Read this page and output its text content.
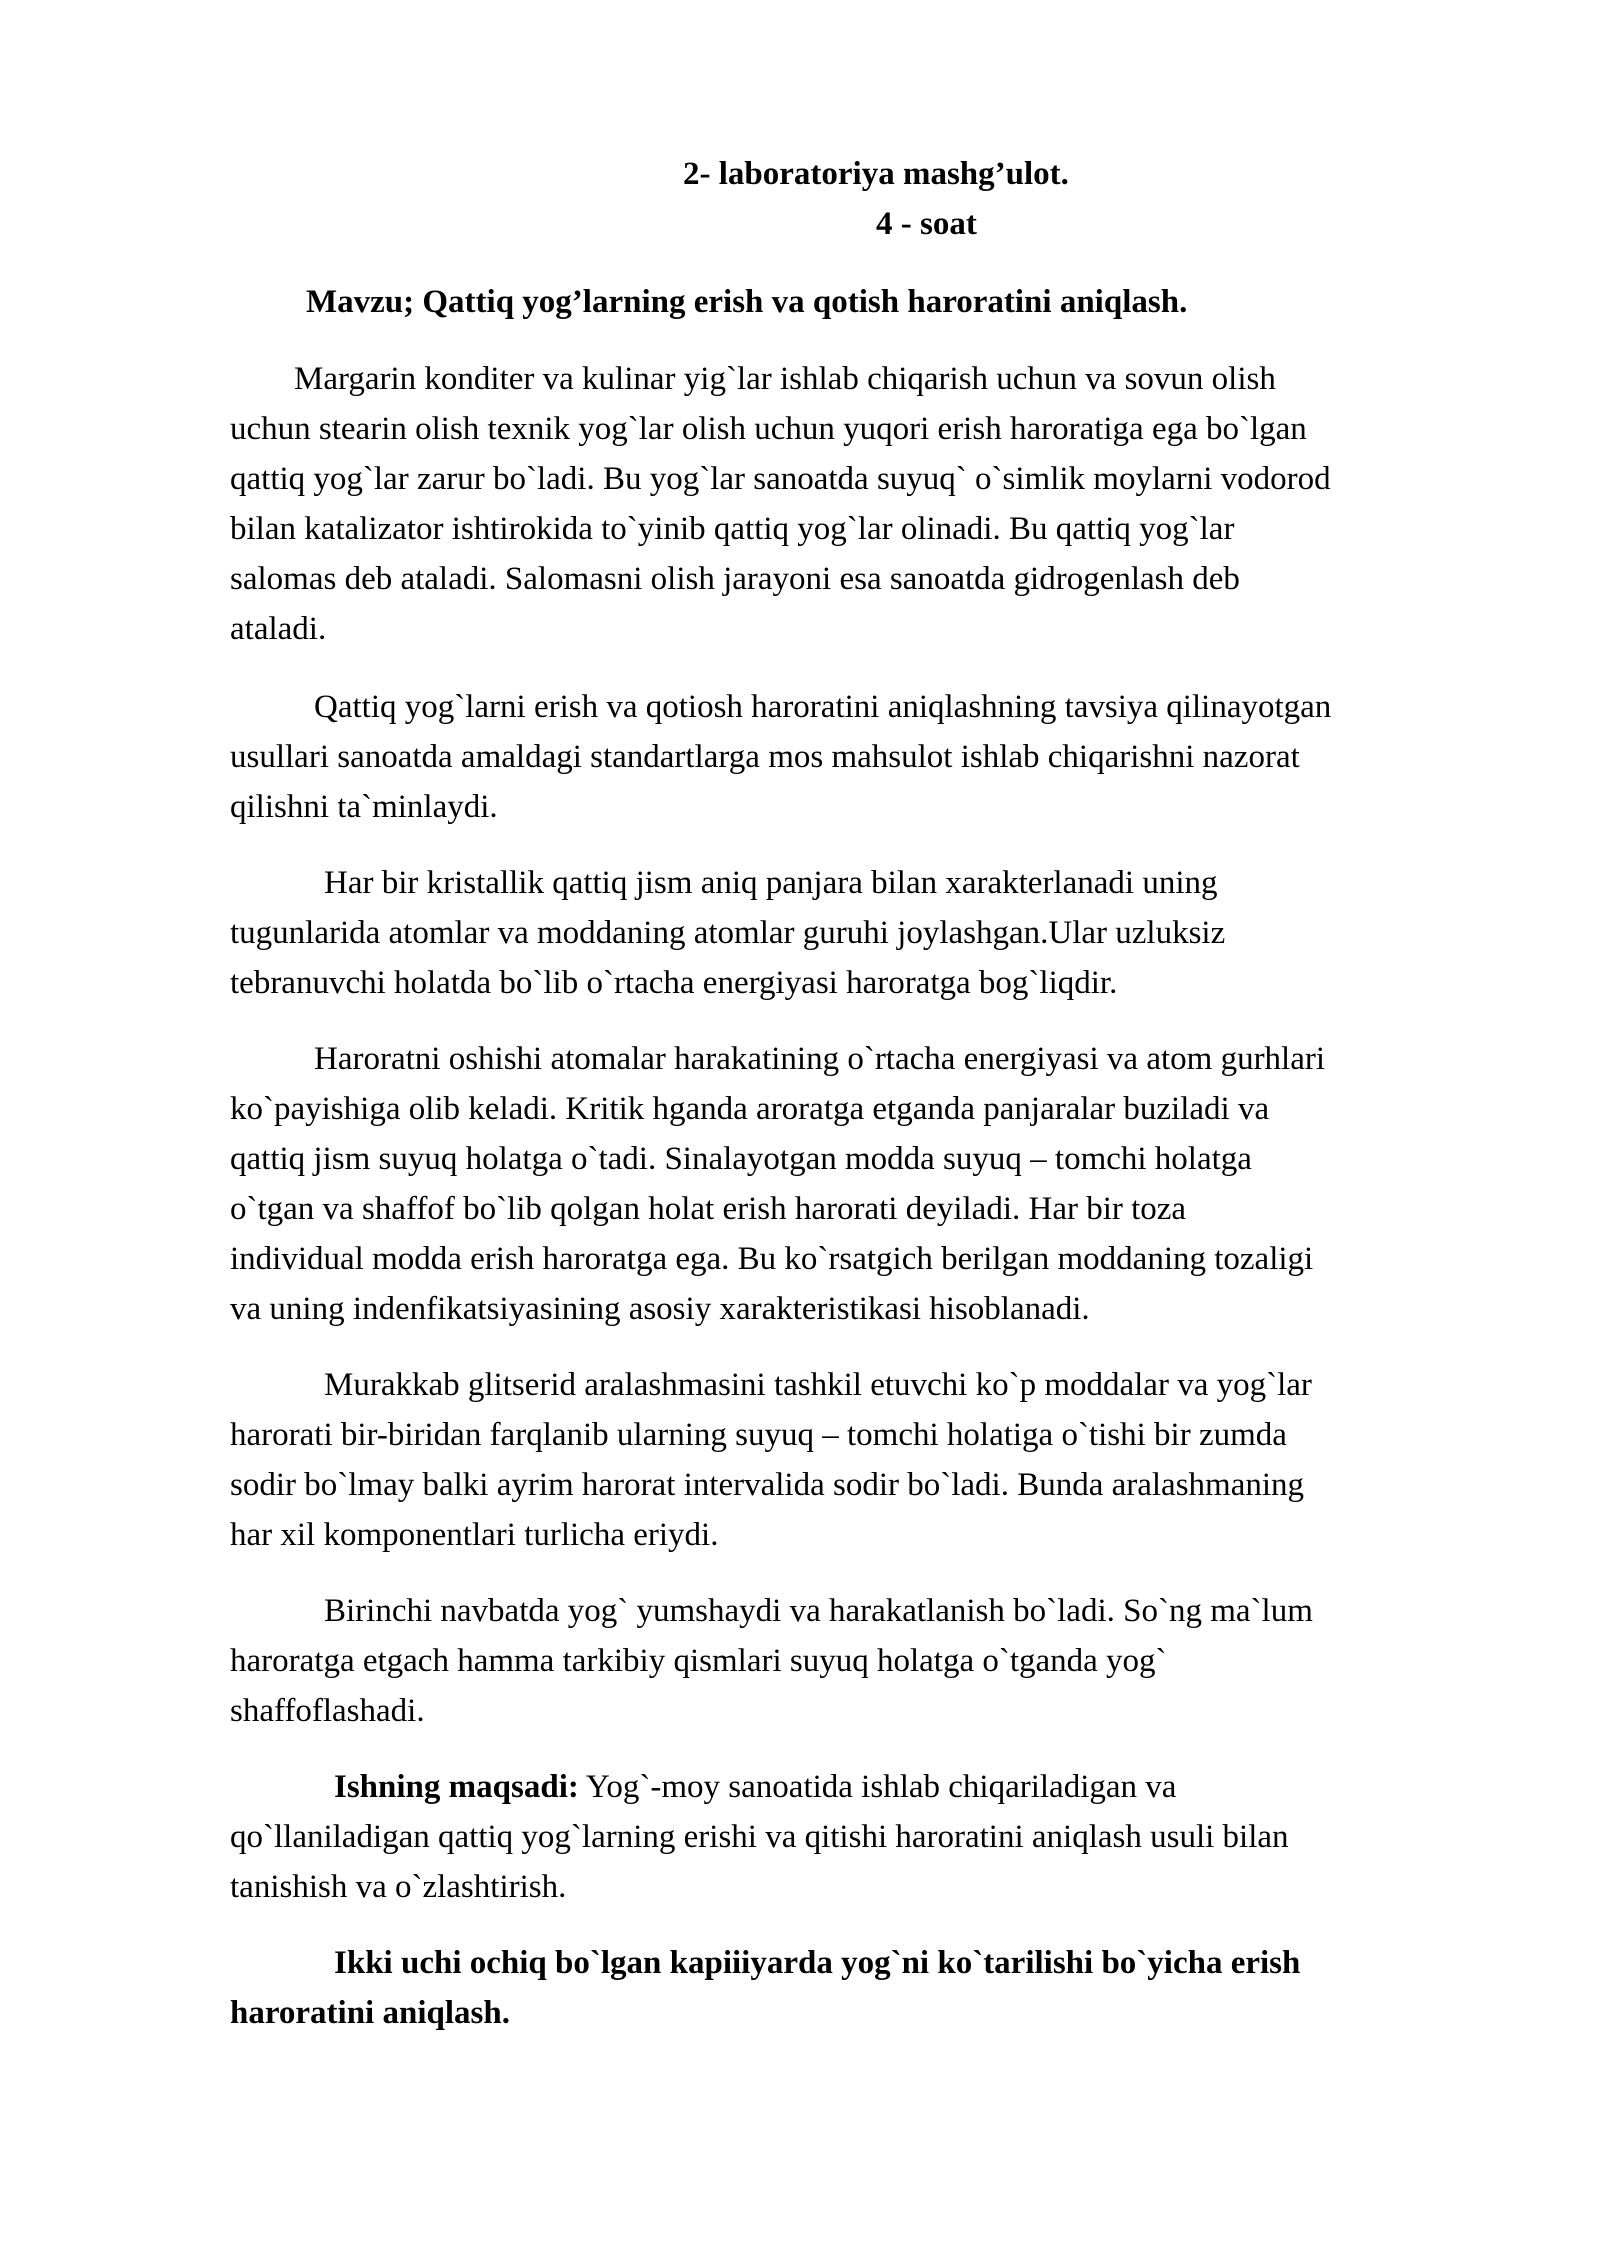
2- laboratoriya mashg’ulot.
4 - soat
Mavzu; Qattiq yog’larning erish va qotish haroratini aniqlash.

Margarin konditer va kulinar yig`lar ishlab chiqarish uchun va sovun olish
uchun stearin olish texnik yog`lar olish uchun yuqori erish haroratiga ega bo`lgan
qattiq yog`lar zarur bo`ladi. Bu yog`lar sanoatda suyuq` o`simlik moylarni vodorod
bilan katalizator ishtirokida to`yinib qattiq yog`lar olinadi. Bu qattiq yog`lar
salomas deb ataladi. Salomasni olish jarayoni esa sanoatda gidrogenlash deb
ataladi.

Qattiq yog`larni erish va qotiosh haroratini aniqlashning tavsiya qilinayotgan
usullari sanoatda amaldagi standartlarga mos mahsulot ishlab chiqarishni nazorat
qilishni ta`minlaydi.

Har bir kristallik qattiq jism aniq panjara bilan xarakterlanadi uning
tugunlarida atomlar va moddaning atomlar guruhi joylashgan.Ular uzluksiz
tebranuvchi holatda bo`lib o`rtacha energiyasi haroratga bog`liqdir.

Haroratni oshishi atomalar harakatining o`rtacha energiyasi va atom gurhlari
ko`payishiga olib keladi. Kritik hganda aroratga etganda panjaralar buziladi va
qattiq jism suyuq holatga o`tadi. Sinalayotgan modda suyuq – tomchi holatga
o`tgan va shaffof bo`lib qolgan holat erish harorati deyiladi. Har bir toza
individual modda erish haroratga ega. Bu ko`rsatgich berilgan moddaning tozaligi
va uning indenfikatsiyasining asosiy xarakteristikasi hisoblanadi.

Murakkab glitserid aralashmasini tashkil etuvchi ko`p moddalar va yog`lar
harorati bir-biridan farqlanib ularning suyuq – tomchi holatiga o`tishi bir zumda
sodir bo`lmay balki ayrim harorat intervalida sodir bo`ladi. Bunda aralashmaning
har xil komponentlari turlicha eriydi.

Birinchi navbatda yog` yumshaydi va harakatlanish bo`ladi. So`ng ma`lum
haroratga etgach hamma tarkibiy qismlari suyuq holatga o`tganda yog`
shaffoflashadi.

Ishning maqsadi: Yog`-moy sanoatida ishlab chiqariladigan va
qo`llaniladigan qattiq yog`larning erishi va qitishi haroratini aniqlash usuli bilan
tanishish va o`zlashtirish.

Ikki uchi ochiq bo`lgan kapiiiyarda yog`ni ko`tarilishi bo`yicha erish
haroratini aniqlash.
